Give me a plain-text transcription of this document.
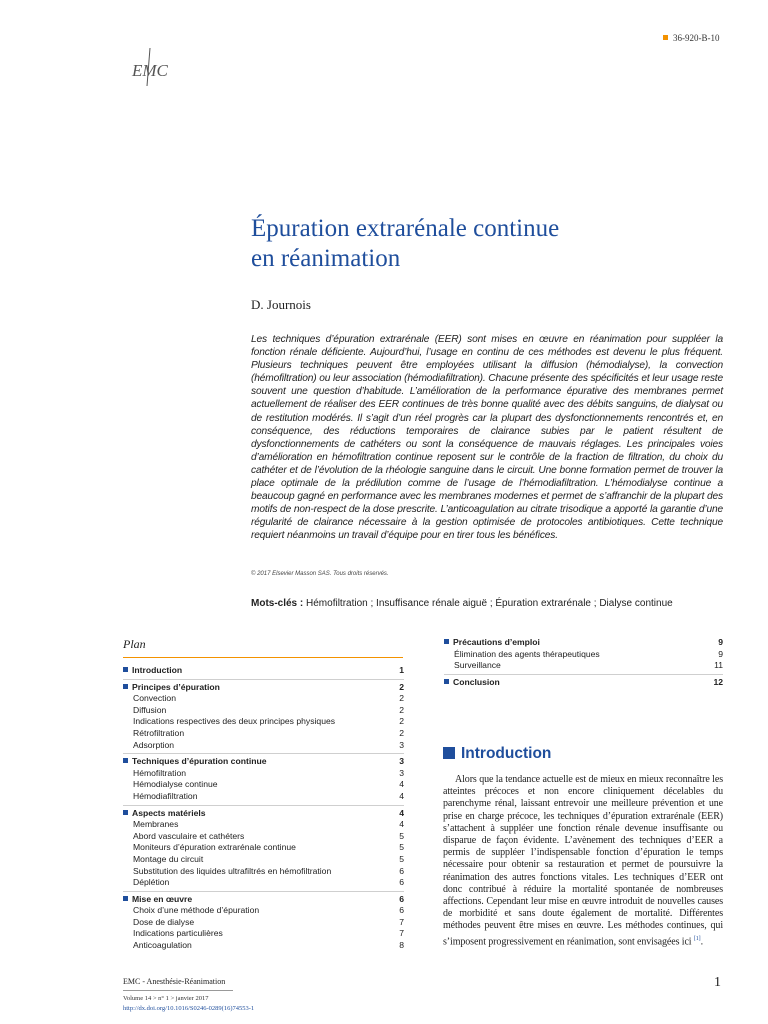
36-920-B-10
EMC
Épuration extrarénale continue
en réanimation
D. Journois

Les techniques d’épuration extrarénale (EER) sont mises en œuvre en réanimation pour suppléer la fonction rénale déficiente. Aujourd’hui, l’usage en continu de ces méthodes est devenu le plus fréquent. Plusieurs techniques peuvent être employées utilisant la diffusion (hémodialyse), la convection (hémofiltration) ou leur association (hémodiafiltration). Chacune présente des spécificités et leur usage reste souvent une question d’habitude. L’amélioration de la performance épurative des membranes permet actuellement de réaliser des EER continues de très bonne qualité avec des débits sanguins, de dialysat ou de restitution modérés. Il s’agit d’un réel progrès car la plupart des dysfonctionnements rencontrés et, en conséquence, des réductions temporaires de clairance subies par le patient résultent de dysfonctionnements de cathéters ou sont la conséquence de mauvais réglages. Les principales voies d’amélioration en hémofiltration continue reposent sur le contrôle de la fraction de filtration, du choix du cathéter et de l’évolution de la rhéologie sanguine dans le circuit. Une bonne formation permet de trouver la place optimale de la prédilution comme de l’usage de l’hémodiafiltration. L’hémodialyse continue a beaucoup gagné en performance avec les membranes modernes et permet de s’affranchir de la plupart des motifs de non-respect de la dose prescrite. L’anticoagulation au citrate trisodique a apporté la garantie d’une régularité de clairance nécessaire à la gestion optimisée de protocoles antibiotiques. Cette technique requiert néanmoins un travail d’équipe pour en tirer tous les bénéfices.

© 2017 Elsevier Masson SAS. Tous droits réservés.
Mots-clés : Hémofiltration ; Insuffisance rénale aiguë ; Épuration extrarénale ; Dialyse continue
Plan
Introduction	1
Principes d’épuration	2
Convection	2
Diffusion	2
Indications respectives des deux principes physiques	2
Rétrofiltration	2
Adsorption	3
Techniques d’épuration continue	3
Hémofiltration	3
Hémodialyse continue	4
Hémodiafiltration	4
Aspects matériels	4
Membranes	4
Abord vasculaire et cathéters	5
Moniteurs d’épuration extrarénale continue	5
Montage du circuit	5
Substitution des liquides ultrafiltrés en hémofiltration	6
Déplétion	6
Mise en œuvre	6
Choix d’une méthode d’épuration	6
Dose de dialyse	7
Indications particulières	7
Anticoagulation	8
Précautions d’emploi	9
Élimination des agents thérapeutiques	9
Surveillance	11
Conclusion	12
Introduction

Alors que la tendance actuelle est de mieux en mieux reconnaître les atteintes précoces et non encore cliniquement décelables du parenchyme rénal, laissant entrevoir une meilleure prévention et une prise en charge précoce, les techniques d’épuration extrarénale (EER) s’attachent à suppléer une fonction rénale devenue insuffisante ou disparue de façon évidente. L’avènement des techniques d’EER a permis de suppléer l’indispensable fonction d’épuration le temps nécessaire pour obtenir sa restauration et permet de poursuivre la réanimation des autres fonctions vitales. Les techniques d’EER ont donc contribué à réduire la mortalité spontanée de nombreuses affections. Cependant leur mise en œuvre introduit de nouvelles causes de morbidité et sans doute également de mortalité. Différentes méthodes peuvent être mises en œuvre. Les méthodes continues, qui s’imposent progressivement en réanimation, sont envisagées ici [1].

EMC - Anesthésie-Réanimation
Volume 14 > n° 1 > janvier 2017
http://dx.doi.org/10.1016/S0246-0289(16)74553-1
1
